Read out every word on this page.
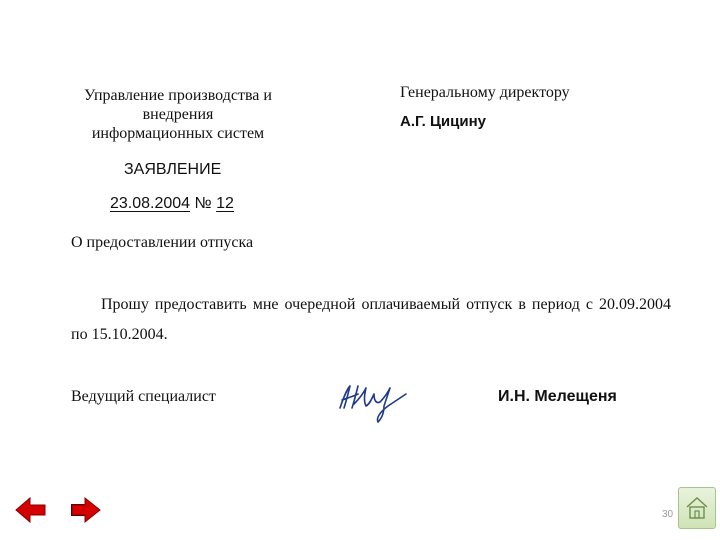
Управление производства и
внедрения
информационных систем
Генеральному директору
А.Г. Цицину
ЗАЯВЛЕНИЕ
23.08.2004 № 12
О предоставлении отпуска
Прошу предоставить мне очередной оплачиваемый отпуск в период с 20.09.2004 по 15.10.2004.
Ведущий специалист	И.Н. Мелещеня
30
